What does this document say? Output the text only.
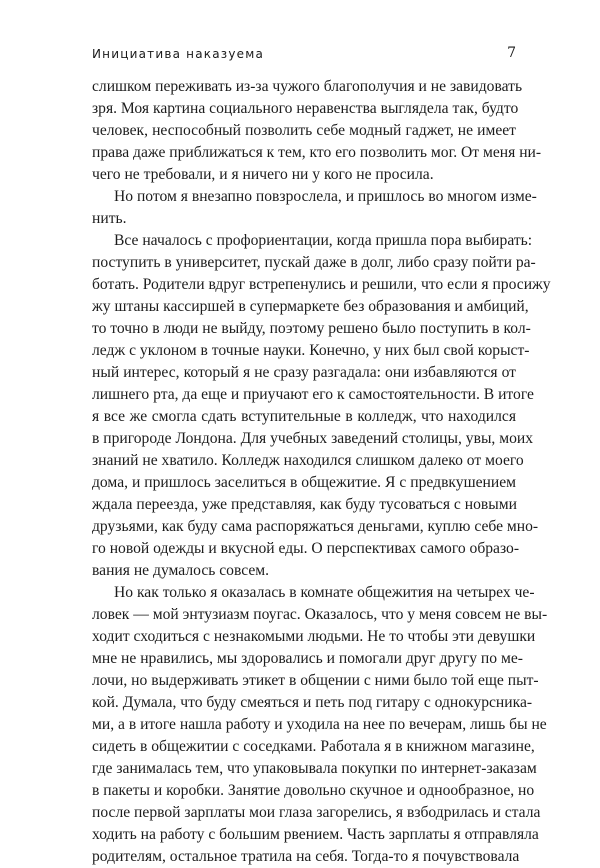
Инициатива наказуема	7

слишком переживать из-за чужого благополучия и не завидовать
зря. Моя картина социального неравенства выглядела так, будто
человек, неспособный позволить себе модный гаджет, не имеет
права даже приближаться к тем, кто его позволить мог. От меня ни-
чего не требовали, и я ничего ни у кого не просила.

Но потом я внезапно повзрослела, и пришлось во многом изме-
нить.

Все началось с профориентации, когда пришла пора выбирать:
поступить в университет, пускай даже в долг, либо сразу пойти ра-
ботать. Родители вдруг встрепенулись и решили, что если я просижу
жу штаны кассиршей в супермаркете без образования и амбиций,
то точно в люди не выйду, поэтому решено было поступить в кол-
ледж с уклоном в точные науки. Конечно, у них был свой корыст-
ный интерес, который я не сразу разгадала: они избавляются от
лишнего рта, да еще и приучают его к самостоятельности. В итоге
я все же смогла сдать вступительные в колледж, что находился
в пригороде Лондона. Для учебных заведений столицы, увы, моих
знаний не хватило. Колледж находился слишком далеко от моего
дома, и пришлось заселиться в общежитие. Я с предвкушением
ждала переезда, уже представляя, как буду тусоваться с новыми
друзьями, как буду сама распоряжаться деньгами, куплю себе мно-
го новой одежды и вкусной еды. О перспективах самого образо-
вания не думалось совсем.

Но как только я оказалась в комнате общежития на четырех че-
ловек — мой энтузиазм поугас. Оказалось, что у меня совсем не вы-
ходит сходиться с незнакомыми людьми. Не то чтобы эти девушки
мне не нравились, мы здоровались и помогали друг другу по ме-
лочи, но выдерживать этикет в общении с ними было той еще пыт-
кой. Думала, что буду смеяться и петь под гитару с однокурсника-
ми, а в итоге нашла работу и уходила на нее по вечерам, лишь бы не
сидеть в общежитии с соседками. Работала я в книжном магазине,
где занималась тем, что упаковывала покупки по интернет-заказам
в пакеты и коробки. Занятие довольно скучное и однообразное, но
после первой зарплаты мои глаза загорелись, я взбодрилась и стала
ходить на работу с большим рвением. Часть зарплаты я отправляла
родителям, остальное тратила на себя. Тогда-то я почувствовала
